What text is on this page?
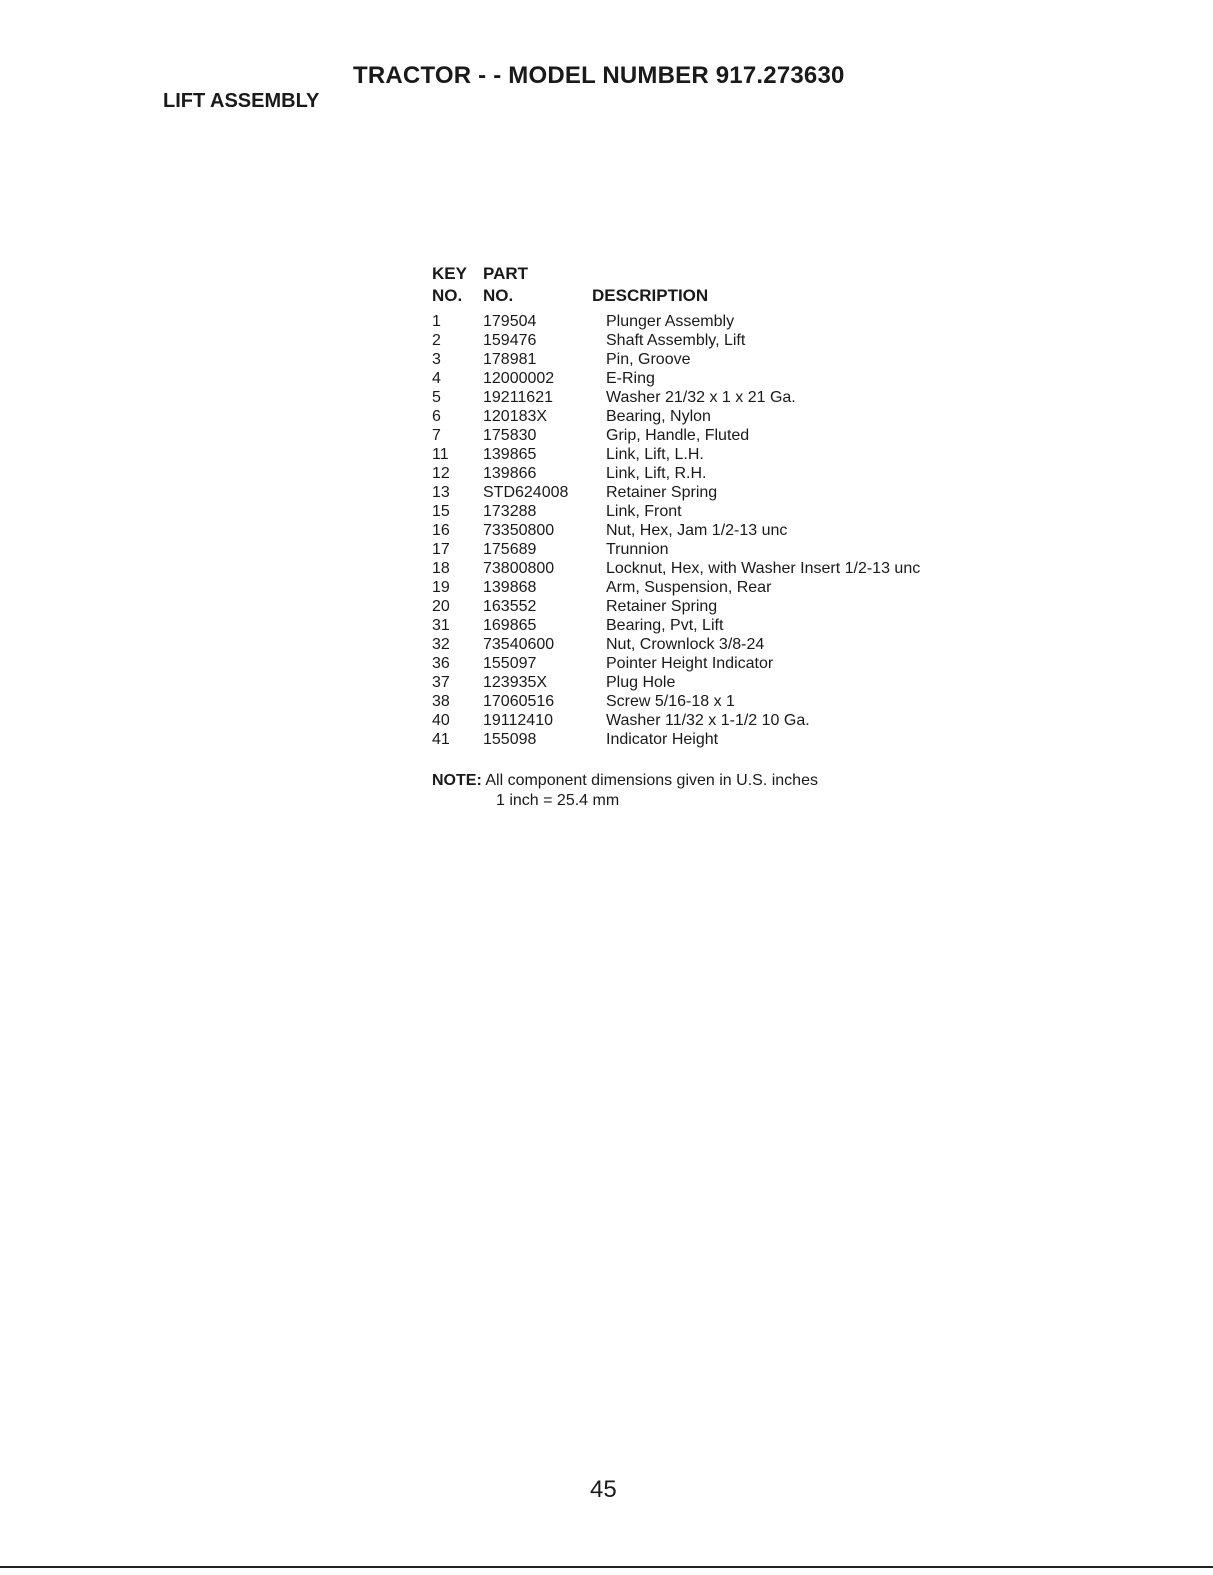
TRACTOR - - MODEL NUMBER 917.273630
LIFT ASSEMBLY
KEY
NO.
PART
NO.	DESCRIPTION
1	179504	Plunger Assembly
2	159476	Shaft Assembly, Lift
3	178981	Pin, Groove
4	12000002	E-Ring
5	19211621	Washer 21/32 x 1 x 21 Ga.
6	120183X	Bearing, Nylon
7	175830	Grip, Handle, Fluted
11 139865	Link, Lift, L.H.
12 139866	Link, Lift, R.H.
13 STD624008 Retainer Spring
15 173288	Link, Front
16 73350800	Nut, Hex, Jam 1/2-13 unc
17 175689	Trunnion
18 73800800	Locknut, Hex, with Washer Insert 1/2-13 unc
19 139868	Arm, Suspension, Rear
20 163552	Retainer Spring
31 169865	Bearing, Pvt, Lift
32 73540600	Nut, Crownlock 3/8-24
36 155097	Pointer Height Indicator
37 123935X	Plug Hole
38 17060516	Screw 5/16-18 x 1
40 19112410	Washer 11/32 x 1-1/2 10 Ga.
41 155098	Indicator Height
NOTE: All component dimensions given in U.S. inches
1 inch = 25.4 mm
45
